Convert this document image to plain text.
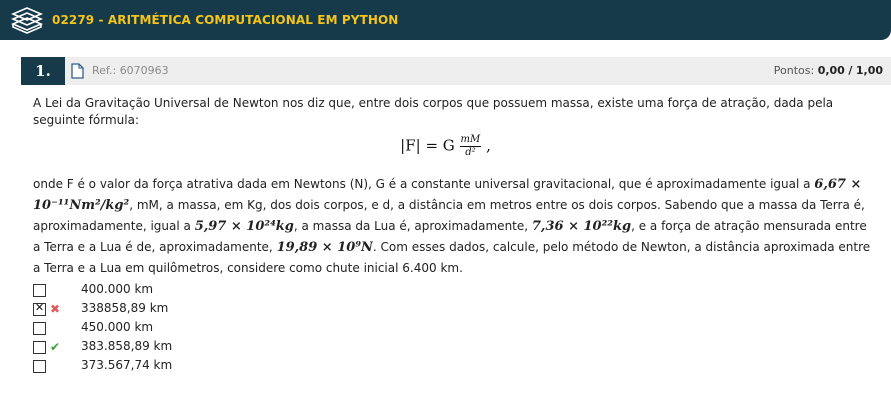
02279 - ARITMÉTICA COMPUTACIONAL EM PYTHON
1.	Ref.: 6070963	Pontos: 0,00 / 1,00
A Lei da Gravitação Universal de Newton nos diz que, entre dois corpos que possuem massa, existe uma força de atração, dada pela seguinte fórmula:
|F| = G $\frac{mM}{\text{d²}}$ ,
onde F é o valor da força atrativa dada em Newtons (N), G é a constante universal gravitacional, que é aproximadamente igual a 6,67 × 10⁻¹¹Nm²/kg², mM, a massa, em Kg, dos dois corpos, e d, a distância em metros entre os dois corpos. Sabendo que a massa da Terra é, aproximadamente, igual a 5,97 × 10²⁴kg, a massa da Lua é, aproximadamente, 7,36 × 10²²kg, e a força de atração mensurada entre a Terra e a Lua é de, aproximadamente, 19,89 × 10⁹N. Com esses dados, calcule, pelo método de Newton, a distância aproximada entre a Terra e a Lua em quilômetros, considere como chute inicial 6.400 km.
400.000 km
✕
✖ 338858,89 km
450.000 km
✔ 383.858,89 km
373.567,74 km
